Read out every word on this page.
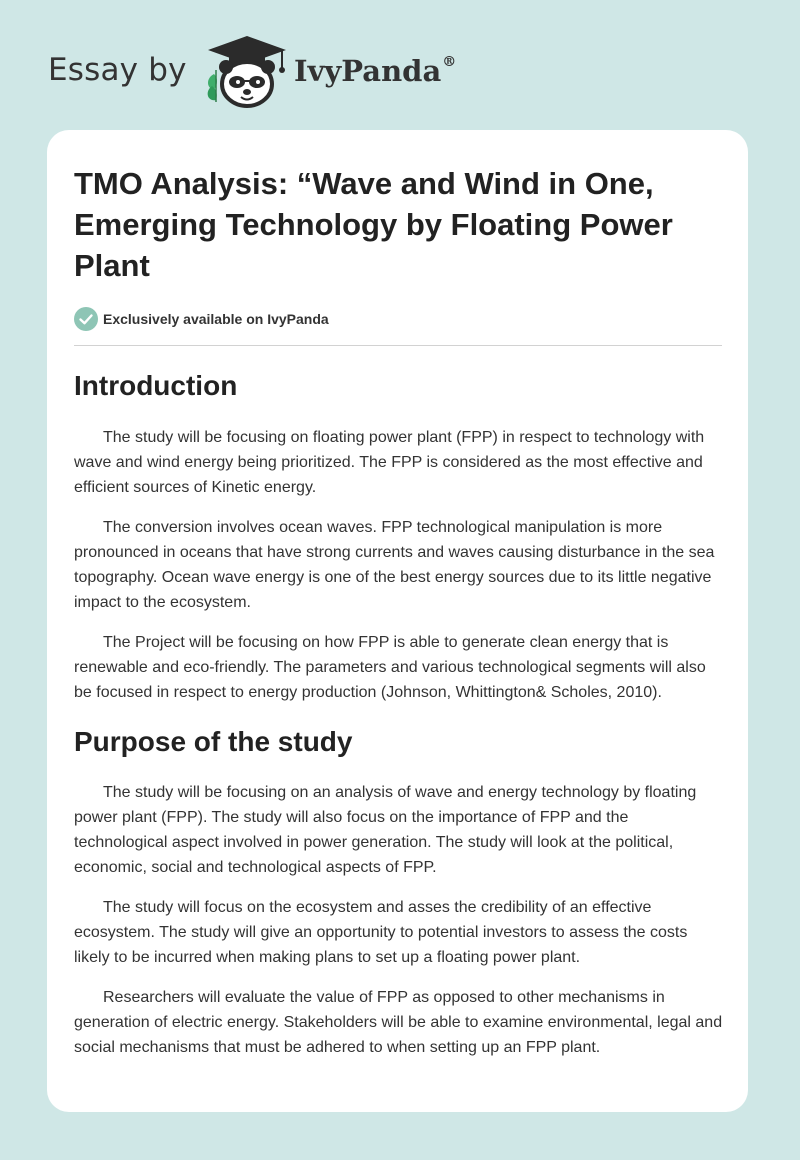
Essay by	IvyPanda®
TMO Analysis: “Wave and Wind in One, Emerging Technology by Floating Power Plant
Exclusively available on IvyPanda
Introduction

The study will be focusing on floating power plant (FPP) in respect to technology with wave and wind energy being prioritized. The FPP is considered as the most effective and efficient sources of Kinetic energy.

The conversion involves ocean waves. FPP technological manipulation is more pronounced in oceans that have strong currents and waves causing disturbance in the sea topography. Ocean wave energy is one of the best energy sources due to its little negative impact to the ecosystem.

The Project will be focusing on how FPP is able to generate clean energy that is renewable and eco-friendly. The parameters and various technological segments will also be focused in respect to energy production (Johnson, Whittington& Scholes, 2010).

Purpose of the study

The study will be focusing on an analysis of wave and energy technology by floating power plant (FPP). The study will also focus on the importance of FPP and the technological aspect involved in power generation. The study will look at the political, economic, social and technological aspects of FPP.

The study will focus on the ecosystem and asses the credibility of an effective ecosystem. The study will give an opportunity to potential investors to assess the costs likely to be incurred when making plans to set up a floating power plant.

Researchers will evaluate the value of FPP as opposed to other mechanisms in generation of electric energy. Stakeholders will be able to examine environmental, legal and social mechanisms that must be adhered to when setting up an FPP plant.
